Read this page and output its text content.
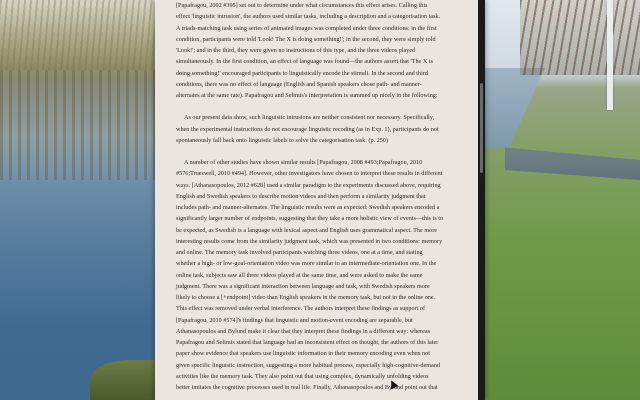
[Papafragou, 2002 #395] set out to determine under what circumstances this effect arises. Calling this

effect 'linguistic intrusion', the authors used similar tasks, including a description and a categorisation task.

A triads-matching task using series of animated images was completed under three conditions: in the first

condition, participants were told 'Look! The X is doing something!'; in the second, they were simply told

'Look!'; and in the third, they were given no instructions of this type, and the three videos played

simultaneously. In the first condition, an effect of language was found—the authors assert that 'The X is

doing something!' encouraged participants to linguistically encode the stimuli. In the second and third

conditions, there was no effect of language (English and Spanish speakers chose path- and manner-

alternates at the same rate). Papafragou and Selimis's interpretation is summed up nicely in the following:

As our present data show, such linguistic intrusions are neither consistent nor necessary. Specifically,

when the experimental instructions do not encourage linguistic recoding (as in Exp. 1), participants do not

spontaneously fall back onto linguistic labels to solve the categorisation task. (p. 250)

A number of other studies have shown similar results [Papafragou, 2008 #493;Papafragou, 2010

#576;Trueswell, 2010 #494]. However, other investigators have chosen to interpret these results in different

ways. [Athanasopoulos, 2012 #628] used a similar paradigm to the experiments discussed above, requiring

English and Swedish speakers to describe motion videos and then perform a similarity judgment that

includes path- and manner-alternates. The linguistic results were as expected: Swedish speakers encoded a

significantly larger number of endpoints, suggesting that they take a more holistic view of events—this is to

be expected, as Swedish is a language with lexical aspect and English uses grammatical aspect. The more

interesting results come from the similarity judgment task, which was presented in two conditions: memory

and online. The memory task involved participants watching three videos, one at a time, and stating

whether a high- or low-goal-orientation video was more similar to an intermediate-orientation one. In the

online task, subjects saw all three videos played at the same time, and were asked to make the same

judgment. There was a significant interaction between language and task, with Swedish speakers more

likely to choose a [+endpoint] video than English speakers in the memory task, but not in the online one.

This effect was removed under verbal interference. The authors interpret these findings as support of

[Papafragou, 2010 #574]'s findings that linguistic and motion-event encoding are separable, but

Athanasopoulos and Bylund make it clear that they interpret these findings in a different way: whereas

Papafragou and Selimis stated that language had an inconsistent effect on thought, the authors of this later

paper show evidence that speakers use linguistic information in their memory encoding even when not

given specific linguistic instruction, suggesting a more habitual process, especially high-cognitive-demand

activities like the memory task. They also point out that using complex, dynamically unfolding videos

better imitates the cognitive processes used in real life. Finally, Athanasopoulos and Bylund point out that
